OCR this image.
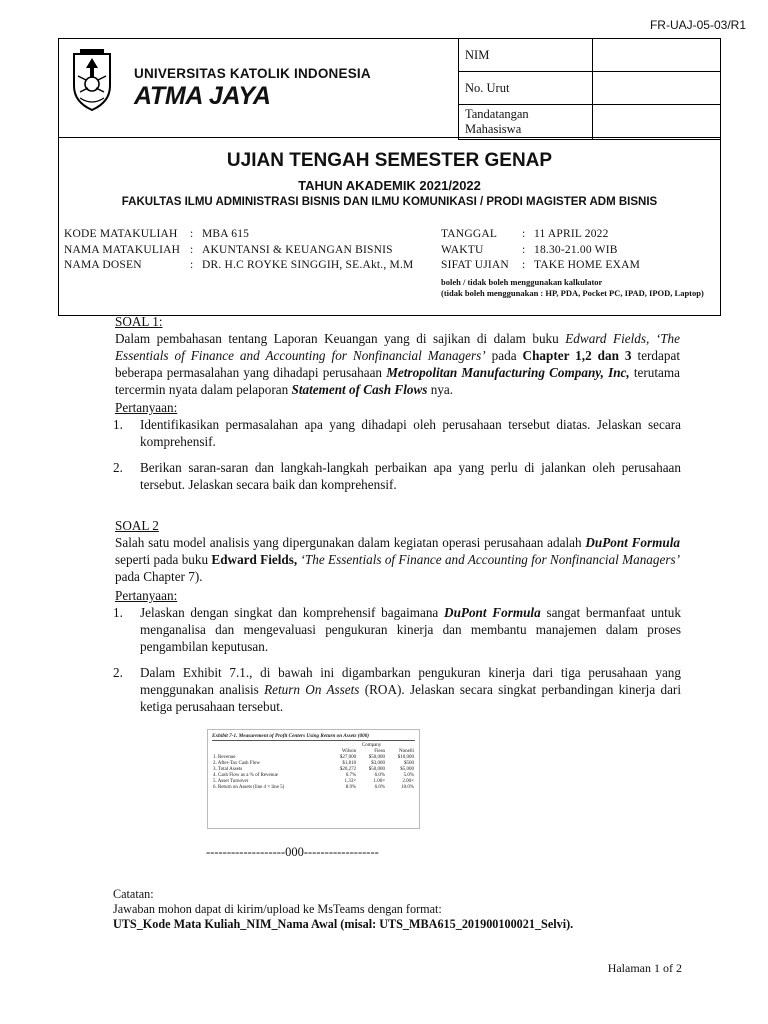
FR-UAJ-05-03/R1
UNIVERSITAS KATOLIK INDONESIA
ATMA JAYA
NIM	
No. Urut	
Tandatangan Mahasiswa	
UJIAN TENGAH SEMESTER GENAP
TAHUN AKADEMIK 2021/2022
FAKULTAS ILMU ADMINISTRASI BISNIS DAN ILMU KOMUNIKASI / PRODI MAGISTER ADM BISNIS
KODE MATAKULIAH	: MBA 615
NAMA MATAKULIAH : AKUNTANSI & KEUANGAN BISNIS
NAMA DOSEN	: DR. H.C ROYKE SINGGIH, SE.Akt., M.M
TANGGAL	: 11 APRIL 2022
WAKTU	: 18.30-21.00 WIB
SIFAT UJIAN	: TAKE HOME EXAM
boleh / tidak boleh menggunakan kalkulator
(tidak boleh menggunakan : HP, PDA, Pocket PC, IPAD, IPOD, Laptop)
SOAL 1:
Dalam pembahasan tentang Laporan Keuangan yang di sajikan di dalam buku Edward Fields, ‘The Essentials of Finance and Accounting for Nonfinancial Managers’ pada Chapter 1,2 dan 3 terdapat beberapa permasalahan yang dihadapi perusahaan Metropolitan Manufacturing Company, Inc, terutama tercermin nyata dalam pelaporan Statement of Cash Flows nya.
Pertanyaan:
1.	Identifikasikan permasalahan apa yang dihadapi oleh perusahaan tersebut diatas. Jelaskan secara komprehensif.
2.	Berikan saran-saran dan langkah-langkah perbaikan apa yang perlu di jalankan oleh perusahaan tersebut. Jelaskan secara baik dan komprehensif.
SOAL 2
Salah satu model analisis yang dipergunakan dalam kegiatan operasi perusahaan adalah DuPont Formula seperti pada buku Edward Fields, ‘The Essentials of Finance and Accounting for Nonfinancial Managers’ pada Chapter 7).
Pertanyaan:
1.	Jelaskan dengan singkat dan komprehensif bagaimana DuPont Formula sangat bermanfaat untuk menganalisa dan mengevaluasi pengukuran kinerja dan membantu manajemen dalam proses pengambilan keputusan.
2.	Dalam Exhibit 7.1., di bawah ini digambarkan pengukuran kinerja dari tiga perusahaan yang menggunakan analisis Return On Assets (ROA). Jelaskan secara singkat perbandingan kinerja dari ketiga perusahaan tersebut.
Exhibit 7-1. Measurement of Profit Centers Using Return on Assets (000)
	Company		
	Wilson	Fiesn	Nonelli
1. Revenue	$27,000	$50,000	$10,000
2. After-Tax Cash Flow	$1,810	$3,000	$500
3. Total Assets	$20,272	$50,000	$5,000
4. Cash Flow as a % of Revenue	6.7%	6.0%	5.0%
5. Asset Turnover	1.33×	1.00×	2.00×
6. Return on Assets (line 4 × line 5)	8.9%	6.0%	10.0%
-------------------000------------------
Catatan:
Jawaban mohon dapat di kirim/upload ke MsTeams dengan format:
UTS_Kode Mata Kuliah_NIM_Nama Awal (misal: UTS_MBA615_201900100021_Selvi).
Halaman 1 of 2
